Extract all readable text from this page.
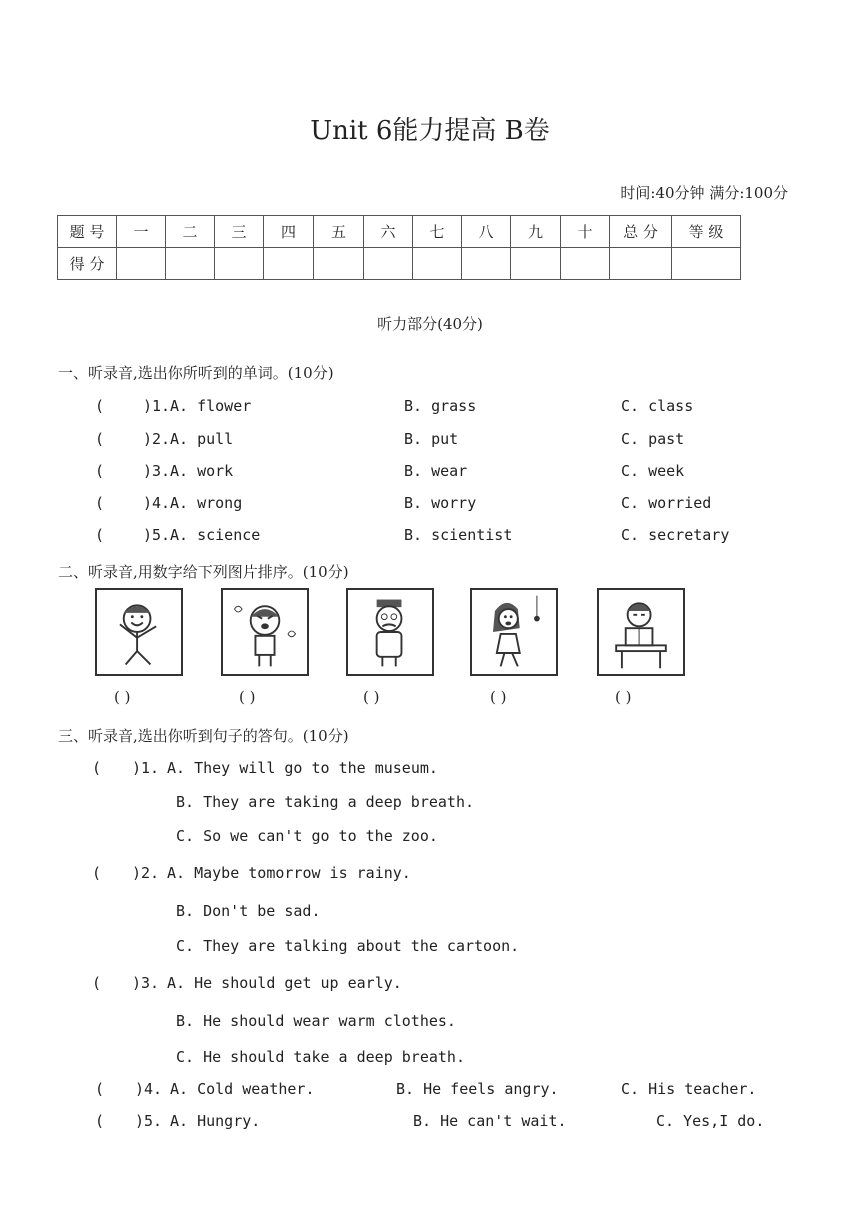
Unit 6能力提高 B卷
时间:40分钟 满分:100分
题 号	一	二	三	四	五	六	七	八	九	十	总 分	等 级
得 分												
听力部分(40分)
一、听录音,选出你所听到的单词。(10分)
(	)1. A. flower	B. grass	C. class
(	)2. A. pull	B. put	C. past
(	)3. A. work	B. wear	C. week
(	)4. A. wrong	B. worry	C. worried
(	)5. A. science	B. scientist	C. secretary
二、听录音,用数字给下列图片排序。(10分)
( )	( )	( )	( )	( )
三、听录音,选出你听到句子的答句。(10分)
( )1. A. They will go to the museum.
B. They are taking a deep breath.
C. So we can't go to the zoo.
( )2. A. Maybe tomorrow is rainy.
B. Don't be sad.
C. They are talking about the cartoon.
( )3. A. He should get up early.
B. He should wear warm clothes.
C. He should take a deep breath.
( )4. A. Cold weather.	B. He feels angry.	C. His teacher.
( )5. A. Hungry.	B. He can't wait.	C. Yes,I do.
